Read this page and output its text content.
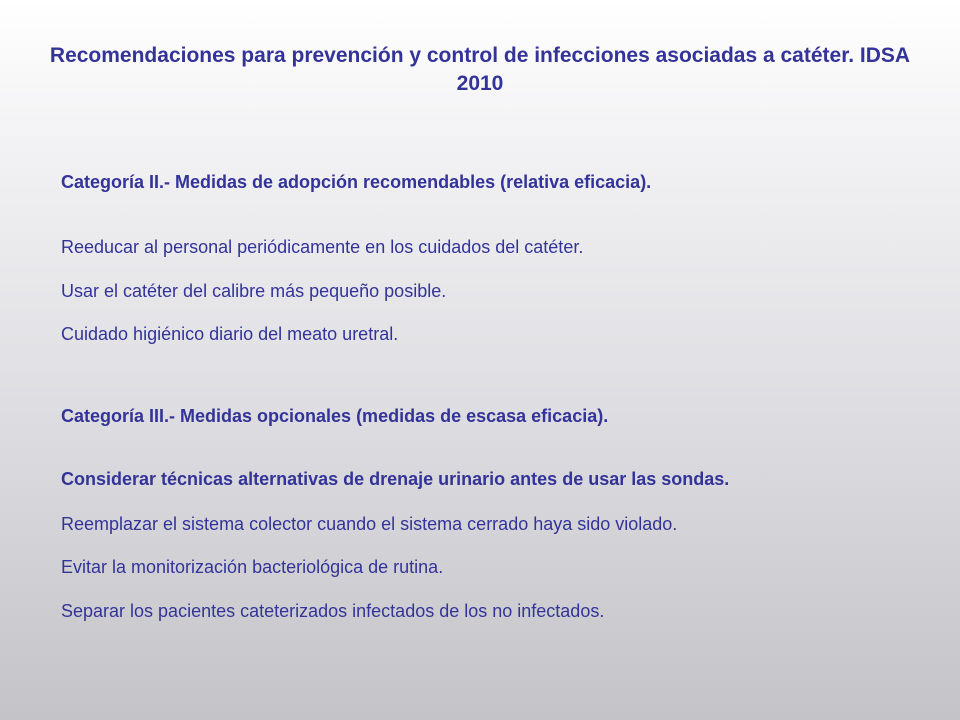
Recomendaciones para prevención y control de infecciones asociadas a catéter. IDSA 2010
Categoría II.- Medidas de adopción recomendables (relativa eficacia).
Reeducar al personal periódicamente en los cuidados del catéter.
Usar el catéter del calibre más pequeño posible.
Cuidado higiénico diario del meato uretral.
Categoría III.- Medidas opcionales (medidas de escasa eficacia).
Considerar técnicas alternativas de drenaje urinario antes de usar las sondas.
Reemplazar el sistema colector cuando el sistema cerrado haya sido violado.
Evitar la monitorización bacteriológica de rutina.
Separar los pacientes cateterizados infectados de los no infectados.
